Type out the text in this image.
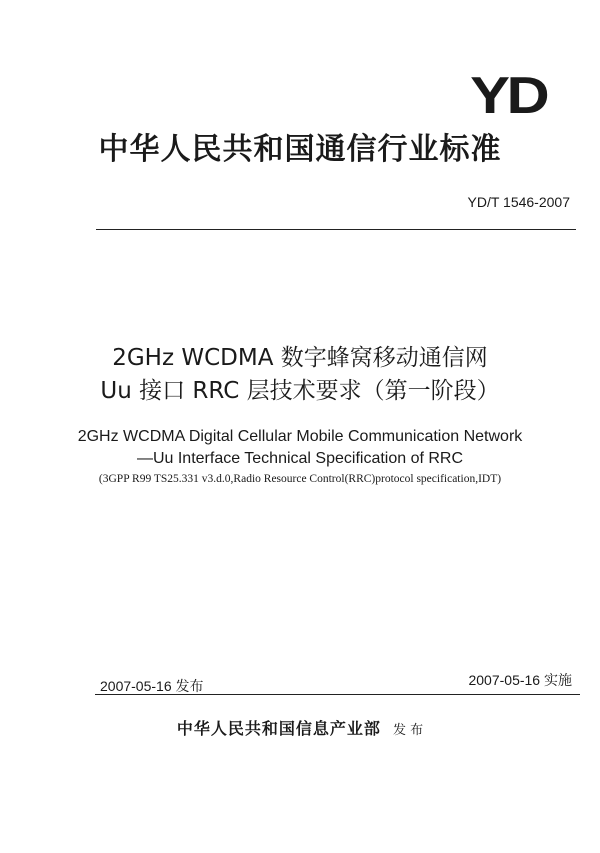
YD
中华人民共和国通信行业标准
YD/T 1546-2007
2GHz WCDMA 数字蜂窝移动通信网
Uu 接口 RRC 层技术要求（第一阶段）
2GHz WCDMA Digital Cellular Mobile Communication Network
—Uu Interface Technical Specification of RRC
(3GPP R99 TS25.331 v3.d.0,Radio Resource Control(RRC)protocol specification,IDT)
2007-05-16 发布	2007-05-16 实施
中华人民共和国信息产业部 发 布
